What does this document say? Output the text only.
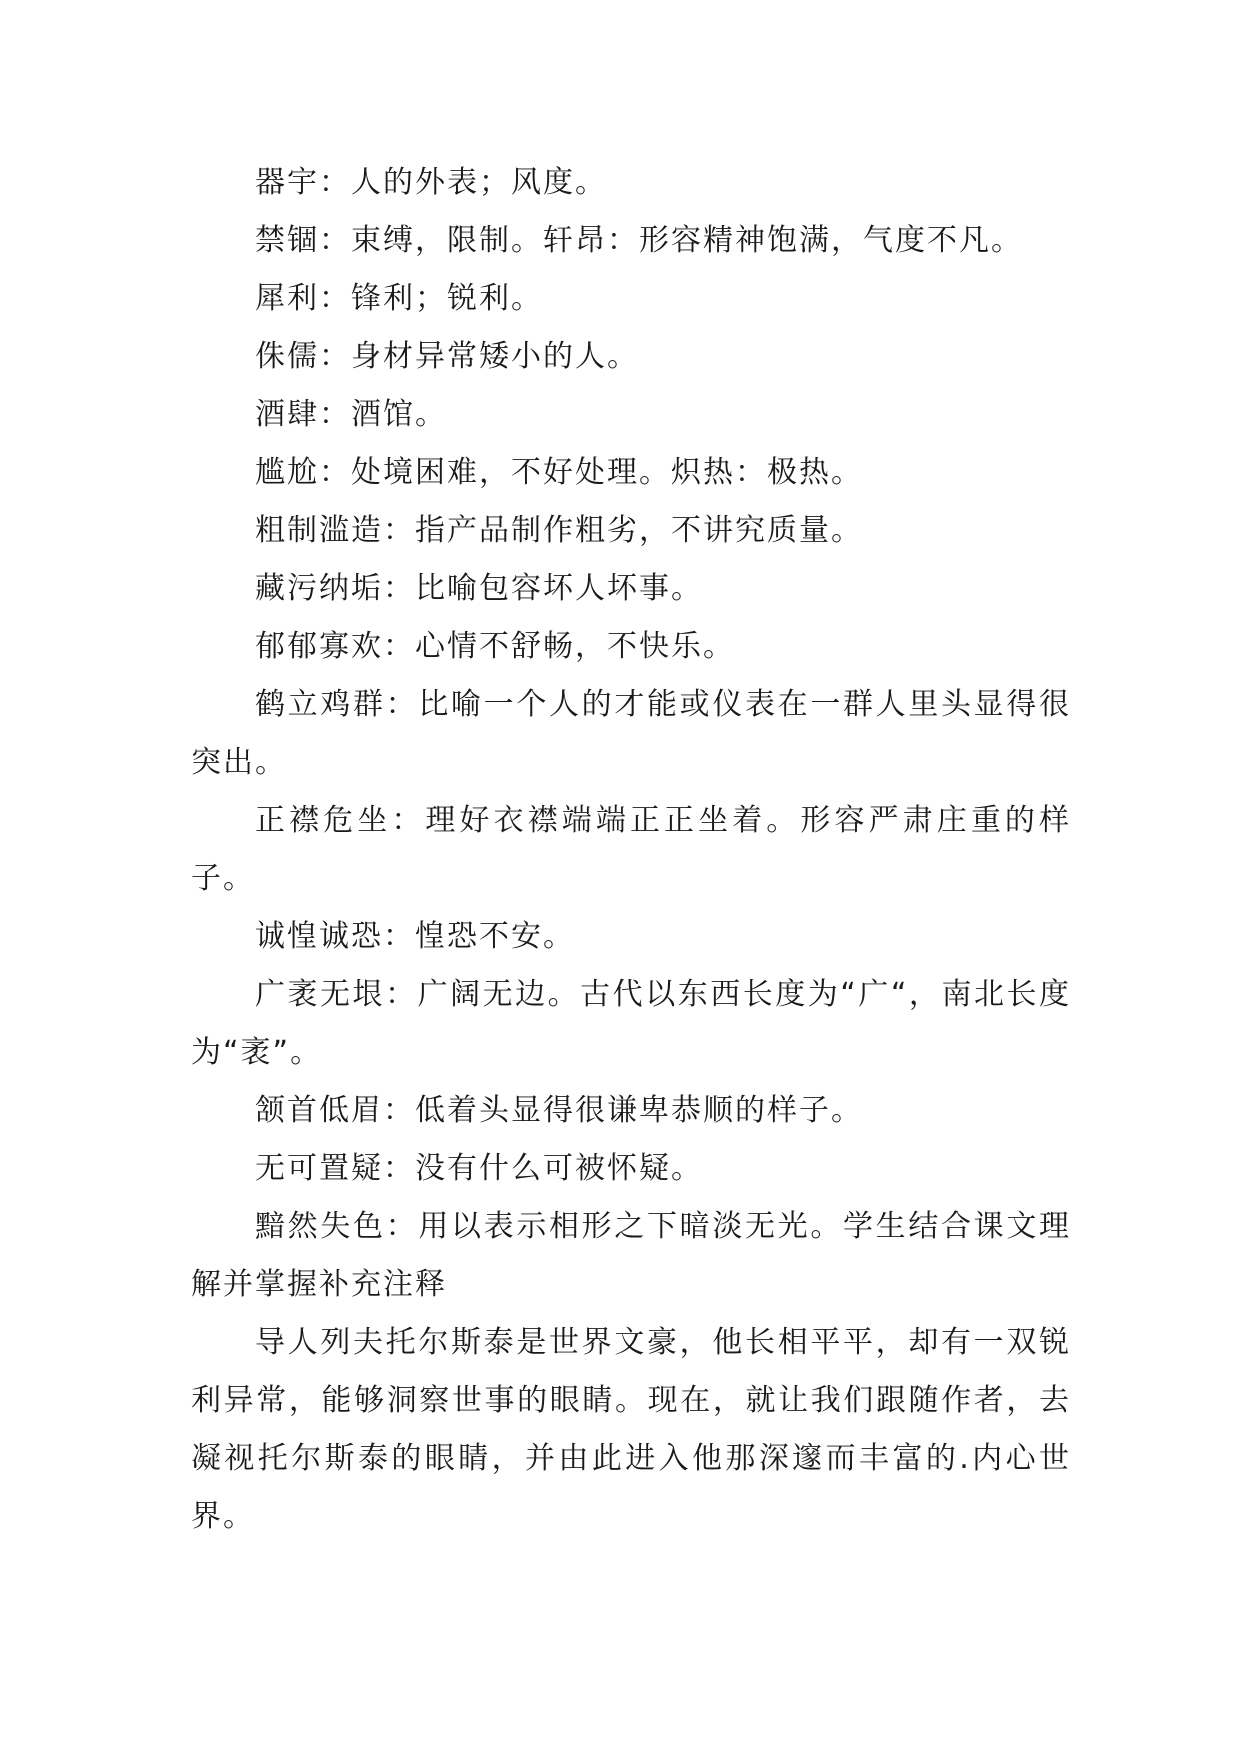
器宇：人的外表；风度。

禁锢：束缚，限制。轩昂：形容精神饱满，气度不凡。

犀利：锋利；锐利。

侏儒：身材异常矮小的人。

酒肆：酒馆。

尴尬：处境困难，不好处理。炽热：极热。

粗制滥造：指产品制作粗劣，不讲究质量。

藏污纳垢：比喻包容坏人坏事。

郁郁寡欢：心情不舒畅，不快乐。

鹤立鸡群：比喻一个人的才能或仪表在一群人里头显得很突出。

正襟危坐：理好衣襟端端正正坐着。形容严肃庄重的样子。

诚惶诚恐：惶恐不安。

广袤无垠：广阔无边。古代以东西长度为“广“，南北长度为“袤”。

颔首低眉：低着头显得很谦卑恭顺的样子。

无可置疑：没有什么可被怀疑。

黯然失色：用以表示相形之下暗淡无光。学生结合课文理解并掌握补充注释

导人列夫托尔斯泰是世界文豪，他长相平平，却有一双锐利异常，能够洞察世事的眼睛。现在，就让我们跟随作者，去凝视托尔斯泰的眼睛，并由此进入他那深邃而丰富的.内心世界。
